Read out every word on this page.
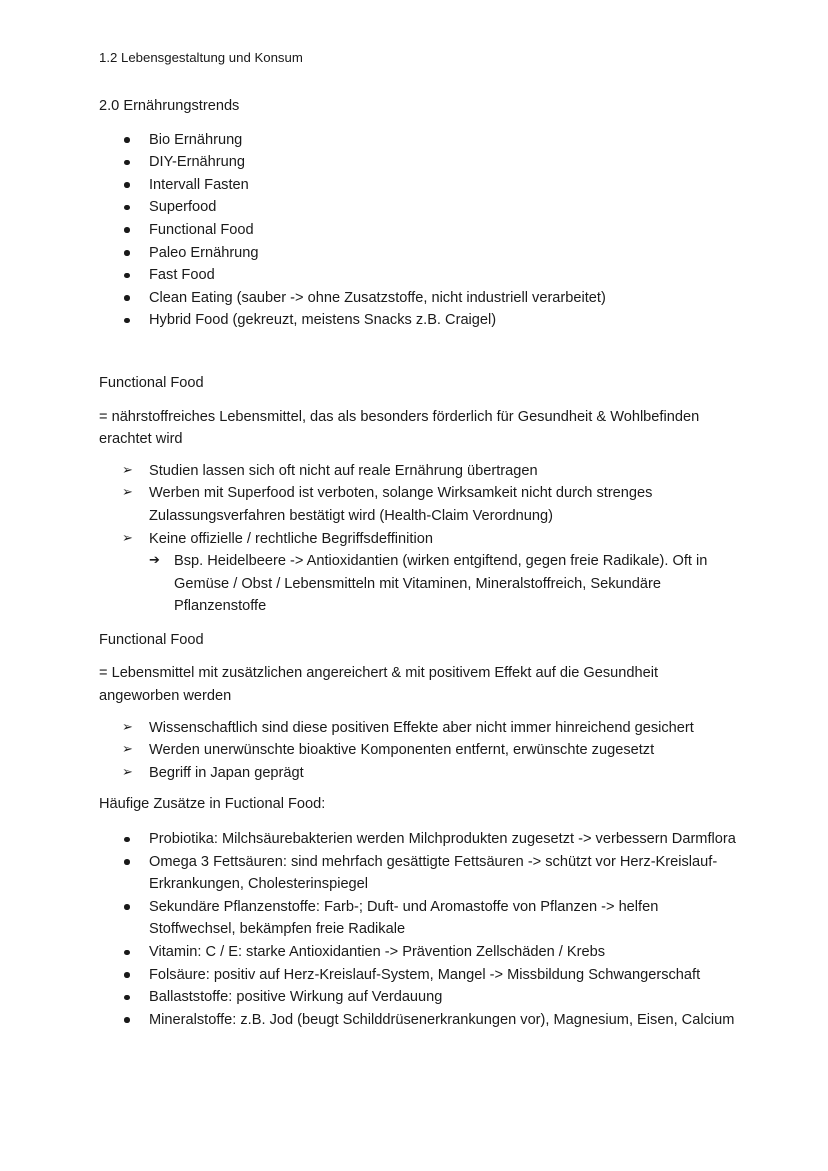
1.2 Lebensgestaltung und Konsum

2.0 Ernährungstrends

Bio Ernährung
DIY-Ernährung
Intervall Fasten
Superfood
Functional Food
Paleo Ernährung
Fast Food
Clean Eating (sauber -> ohne Zusatzstoffe, nicht industriell verarbeitet)
Hybrid Food (gekreuzt, meistens Snacks z.B. Craigel)

Functional Food

= nährstoffreiches Lebensmittel, das als besonders förderlich für Gesundheit & Wohlbefinden erachtet wird

➢ Studien lassen sich oft nicht auf reale Ernährung übertragen
➢ Werben mit Superfood ist verboten, solange Wirksamkeit nicht durch strenges Zulassungsverfahren bestätigt wird (Health-Claim Verordnung)
➢ Keine offizielle / rechtliche Begriffsdeffinition
➔ Bsp. Heidelbeere -> Antioxidantien (wirken entgiftend, gegen freie Radikale). Oft in Gemüse / Obst / Lebensmitteln mit Vitaminen, Mineralstoffreich, Sekundäre Pflanzenstoffe

Functional Food

= Lebensmittel mit zusätzlichen angereichert & mit positivem Effekt auf die Gesundheit angeworben werden

➢ Wissenschaftlich sind diese positiven Effekte aber nicht immer hinreichend gesichert
➢ Werden unerwünschte bioaktive Komponenten entfernt, erwünschte zugesetzt
➢ Begriff in Japan geprägt

Häufige Zusätze in Fuctional Food:

Probiotika: Milchsäurebakterien werden Milchprodukten zugesetzt -> verbessern Darmflora
Omega 3 Fettsäuren: sind mehrfach gesättigte Fettsäuren -> schützt vor Herz-Kreislauf-Erkrankungen, Cholesterinspiegel
Sekundäre Pflanzenstoffe: Farb-; Duft- und Aromastoffe von Pflanzen -> helfen Stoffwechsel, bekämpfen freie Radikale
Vitamin: C / E: starke Antioxidantien -> Prävention Zellschäden / Krebs
Folsäure: positiv auf Herz-Kreislauf-System, Mangel -> Missbildung Schwangerschaft
Ballaststoffe: positive Wirkung auf Verdauung
Mineralstoffe: z.B. Jod (beugt Schilddrüsenerkrankungen vor), Magnesium, Eisen, Calcium
